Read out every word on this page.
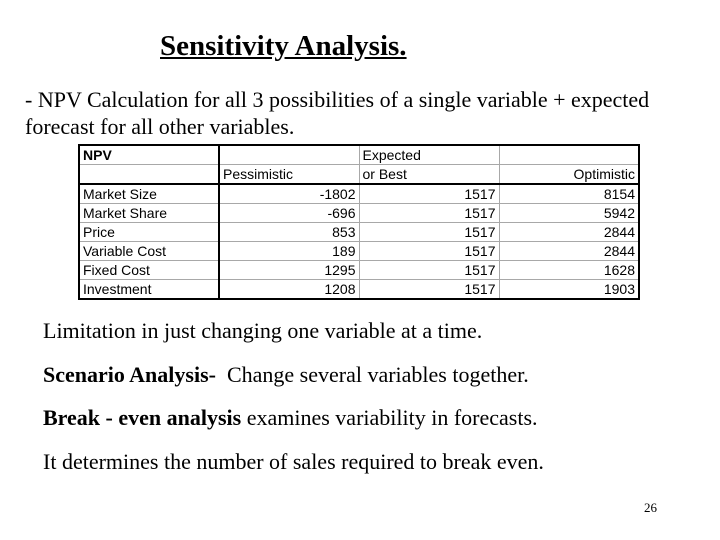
Sensitivity Analysis.
- NPV Calculation for all 3 possibilities of a single variable + expected forecast for all other variables.
NPV		Expected	
	Pessimistic	or Best	Optimistic
Market Size	-1802	1517	8154
Market Share	-696	1517	5942
Price	853	1517	2844
Variable Cost	189	1517	2844
Fixed Cost	1295	1517	1628
Investment	1208	1517	1903
Limitation in just changing one variable at a time.
Scenario Analysis-  Change several variables together.
Break - even analysis examines variability in forecasts.
It determines the number of sales required to break even.
26
